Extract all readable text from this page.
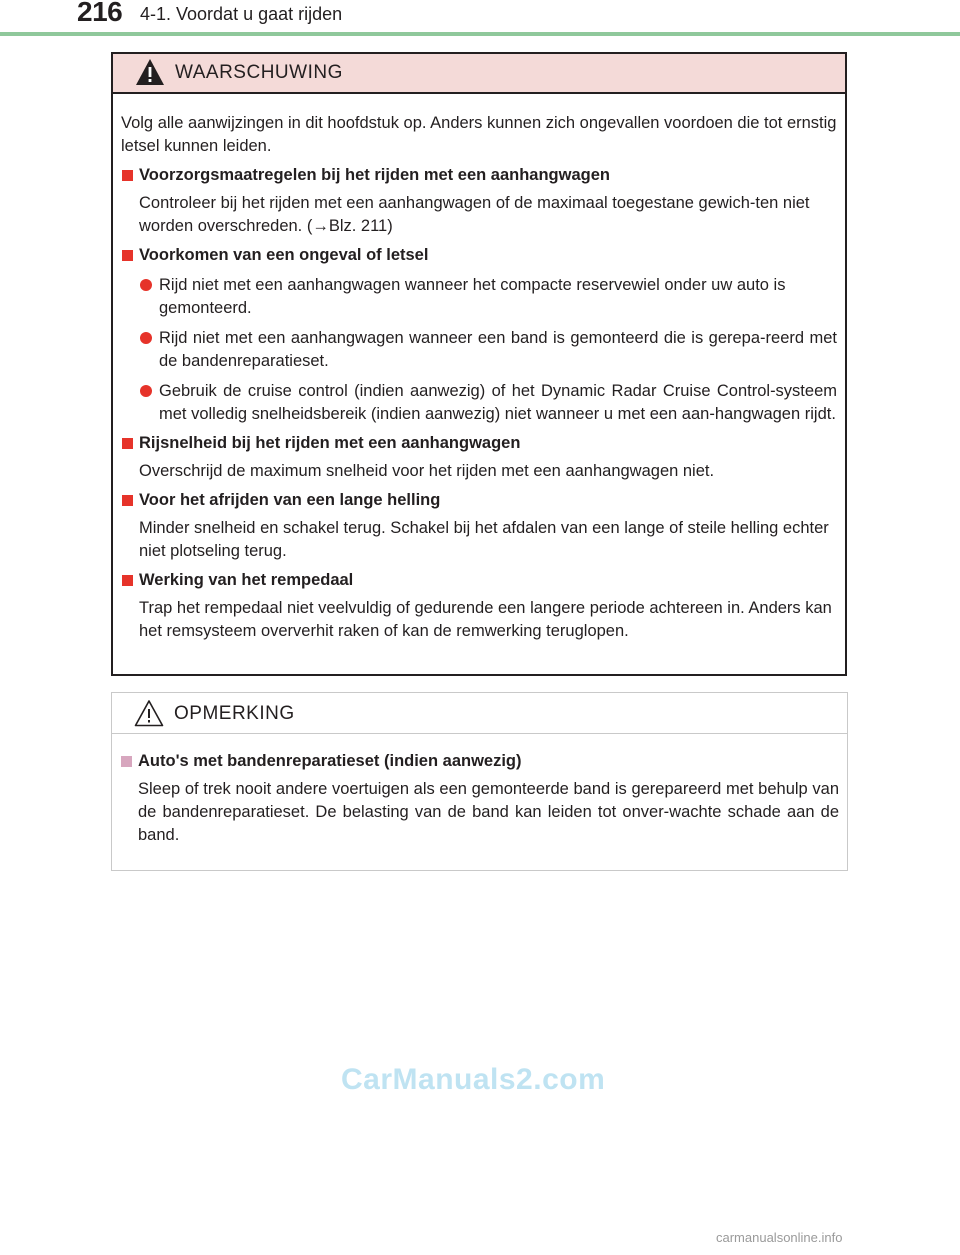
216 4-1. Voordat u gaat rijden
WAARSCHUWING

Volg alle aanwijzingen in dit hoofdstuk op. Anders kunnen zich ongevallen voordoen die tot ernstig letsel kunnen leiden.

Voorzorgsmaatregelen bij het rijden met een aanhangwagen

Controleer bij het rijden met een aanhangwagen of de maximaal toegestane gewich-ten niet worden overschreden. (→Blz. 211)

Voorkomen van een ongeval of letsel

Rijd niet met een aanhangwagen wanneer het compacte reservewiel onder uw auto is gemonteerd.

Rijd niet met een aanhangwagen wanneer een band is gemonteerd die is gerepa-reerd met de bandenreparatieset.

Gebruik de cruise control (indien aanwezig) of het Dynamic Radar Cruise Control-systeem met volledig snelheidsbereik (indien aanwezig) niet wanneer u met een aan-hangwagen rijdt.

Rijsnelheid bij het rijden met een aanhangwagen

Overschrijd de maximum snelheid voor het rijden met een aanhangwagen niet.

Voor het afrijden van een lange helling

Minder snelheid en schakel terug. Schakel bij het afdalen van een lange of steile helling echter niet plotseling terug.

Werking van het rempedaal

Trap het rempedaal niet veelvuldig of gedurende een langere periode achtereen in. Anders kan het remsysteem oververhit raken of kan de remwerking teruglopen.

OPMERKING

Auto's met bandenreparatieset (indien aanwezig)

Sleep of trek nooit andere voertuigen als een gemonteerde band is gerepareerd met behulp van de bandenreparatieset. De belasting van de band kan leiden tot onver-wachte schade aan de band.

CarManuals2.com
carmanualsonline.info
